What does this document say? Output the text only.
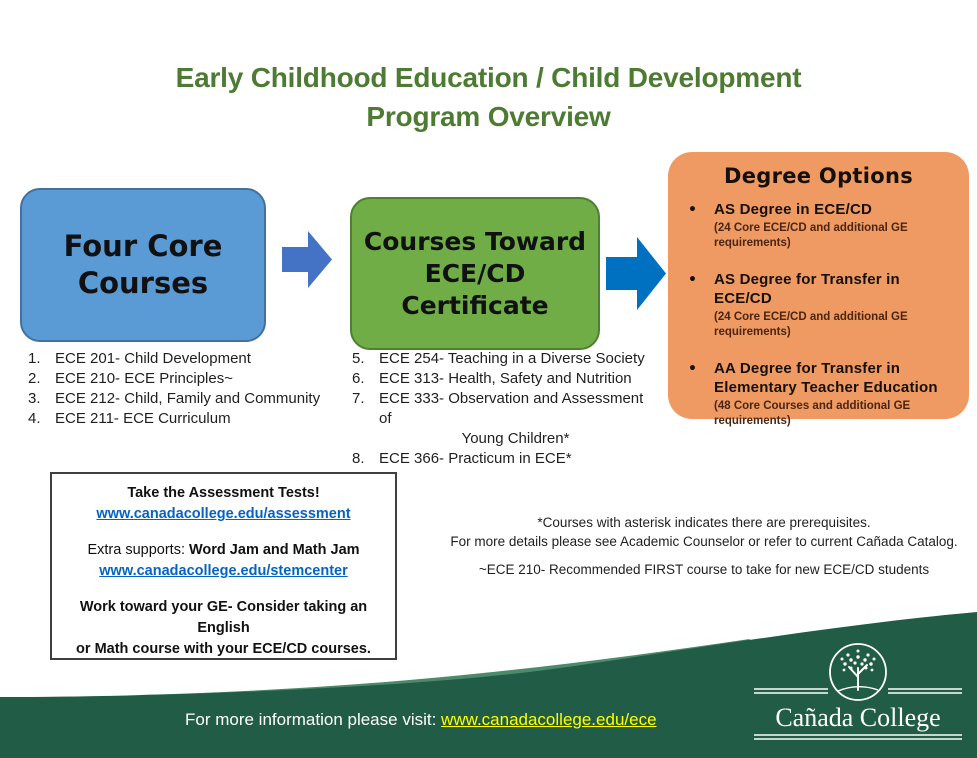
Early Childhood Education / Child Development
Program Overview
Four Core
Courses
Courses Toward
ECE/CD
Certificate
Degree Options
•	AS Degree in ECE/CD
(24 Core ECE/CD and additional GE requirements)
•	AS Degree for Transfer in ECE/CD
(24 Core ECE/CD and additional GE requirements)
•	AA Degree for Transfer in
Elementary Teacher Education
(48 Core Courses and additional GE
requirements)
1. ECE 201- Child Development
2. ECE 210- ECE Principles~
3. ECE 212- Child, Family and Community
4. ECE 211- ECE Curriculum
5. ECE 254- Teaching in a Diverse Society
6. ECE 313- Health, Safety and Nutrition
7. ECE 333- Observation and Assessment of
Young Children*
8. ECE 366- Practicum in ECE*
Take the Assessment Tests!
www.canadacollege.edu/assessment
Extra supports: Word Jam and Math Jam
www.canadacollege.edu/stemcenter
Work toward your GE- Consider taking an English
or Math course with your ECE/CD courses.
*Courses with asterisk indicates there are prerequisites.
For more details please see Academic Counselor or refer to current Cañada Catalog.
~ECE 210- Recommended FIRST course to take for new ECE/CD students
For more information please visit: www.canadacollege.edu/ece	Cañada College
